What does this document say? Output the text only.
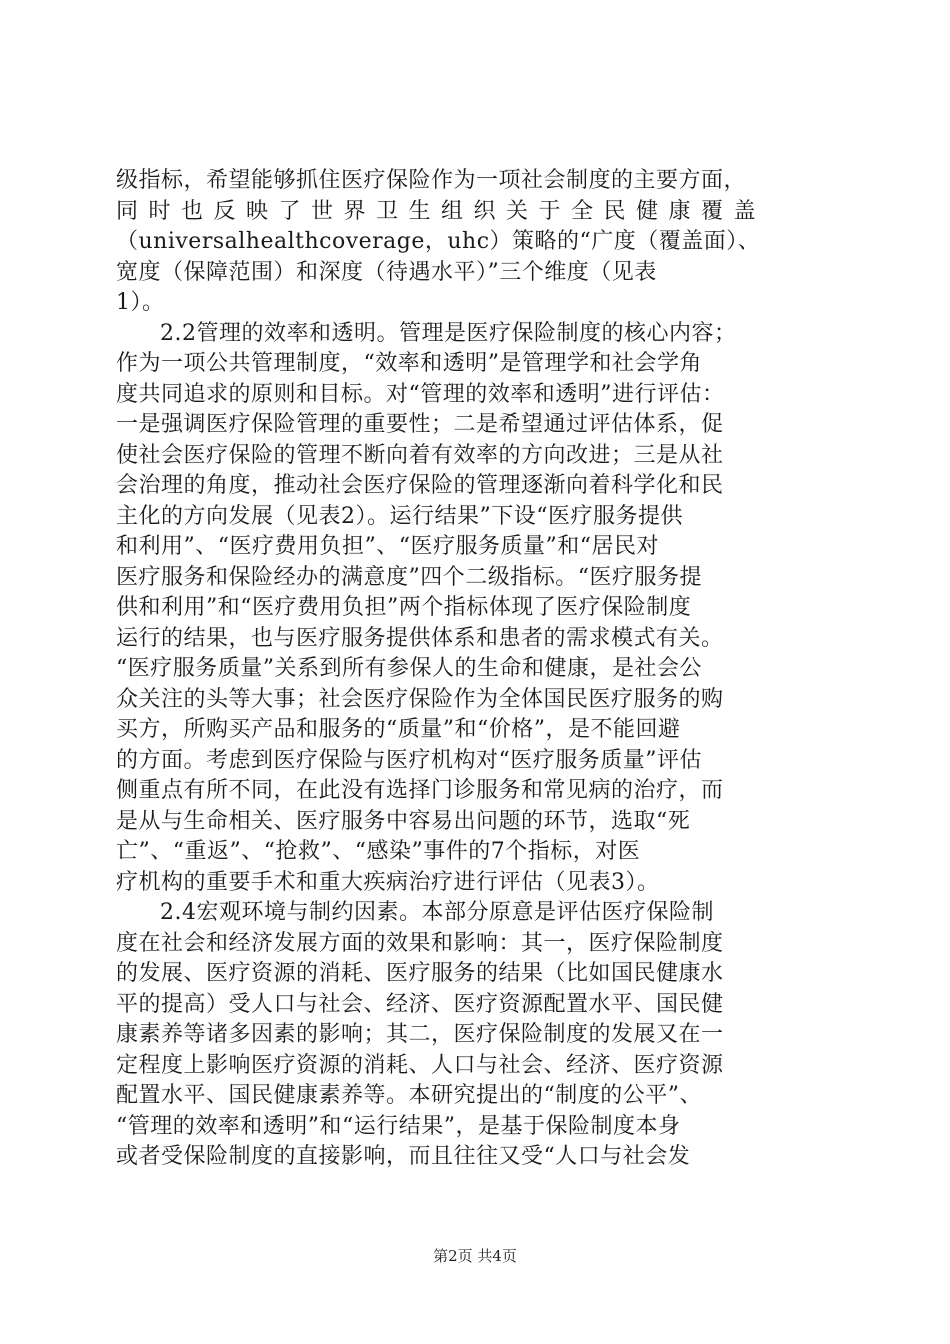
级指标，希望能够抓住医疗保险作为一项社会制度的主要方面，
同时也反映了世界卫生组织关于全民健康覆盖
（universalhealthcoverage，uhc）策略的“广度（覆盖面）、
宽度（保障范围）和深度（待遇水平）”三个维度（见表
1）。
2.2管理的效率和透明。管理是医疗保险制度的核心内容；
作为一项公共管理制度，“效率和透明”是管理学和社会学角
度共同追求的原则和目标。对“管理的效率和透明”进行评估：
一是强调医疗保险管理的重要性；二是希望通过评估体系，促
使社会医疗保险的管理不断向着有效率的方向改进；三是从社
会治理的角度，推动社会医疗保险的管理逐渐向着科学化和民
主化的方向发展（见表2）。运行结果”下设“医疗服务提供
和利用”、“医疗费用负担”、“医疗服务质量”和“居民对
医疗服务和保险经办的满意度”四个二级指标。“医疗服务提
供和利用”和“医疗费用负担”两个指标体现了医疗保险制度
运行的结果，也与医疗服务提供体系和患者的需求模式有关。
“医疗服务质量”关系到所有参保人的生命和健康，是社会公
众关注的头等大事；社会医疗保险作为全体国民医疗服务的购
买方，所购买产品和服务的“质量”和“价格”，是不能回避
的方面。考虑到医疗保险与医疗机构对“医疗服务质量”评估
侧重点有所不同，在此没有选择门诊服务和常见病的治疗，而
是从与生命相关、医疗服务中容易出问题的环节，选取“死
亡”、“重返”、“抢救”、“感染”事件的7个指标，对医
疗机构的重要手术和重大疾病治疗进行评估（见表3）。
2.4宏观环境与制约因素。本部分原意是评估医疗保险制
度在社会和经济发展方面的效果和影响：其一，医疗保险制度
的发展、医疗资源的消耗、医疗服务的结果（比如国民健康水
平的提高）受人口与社会、经济、医疗资源配置水平、国民健
康素养等诸多因素的影响；其二，医疗保险制度的发展又在一
定程度上影响医疗资源的消耗、人口与社会、经济、医疗资源
配置水平、国民健康素养等。本研究提出的“制度的公平”、
“管理的效率和透明”和“运行结果”，是基于保险制度本身
或者受保险制度的直接影响，而且往往又受“人口与社会发
第2页 共4页
